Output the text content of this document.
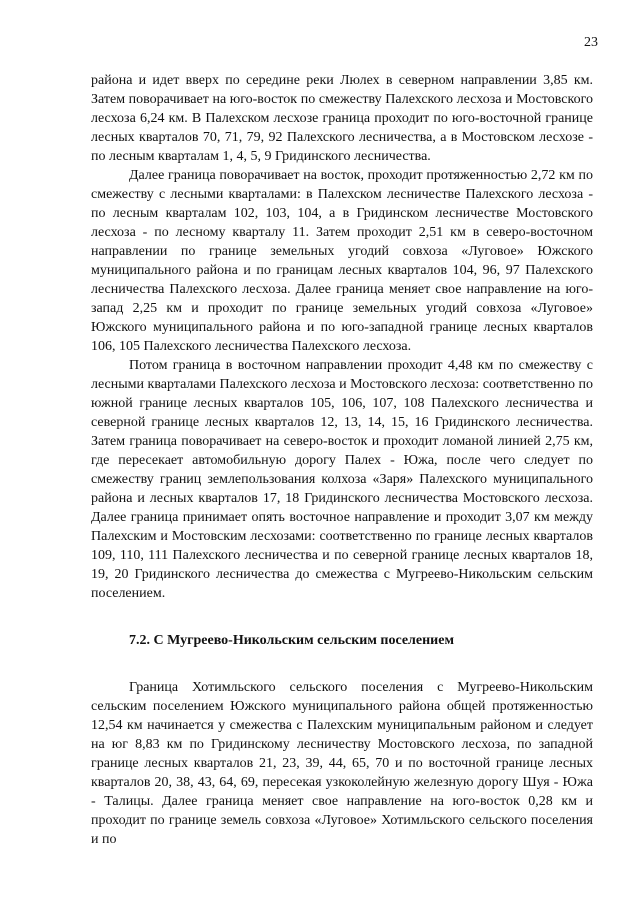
23

района и идет вверх по середине реки Люлех в северном направлении 3,85 км. Затем поворачивает на юго-восток по смежеству Палехского лесхоза и Мостовского лесхоза 6,24 км. В Палехском лесхозе граница проходит по юго-восточной границе лесных кварталов 70, 71, 79, 92 Палехского лесничества, а в Мостовском лесхозе - по лесным кварталам 1, 4, 5, 9 Гридинского лесничества.

Далее граница поворачивает на восток, проходит протяженностью 2,72 км по смежеству с лесными кварталами: в Палехском лесничестве Палехского лесхоза - по лесным кварталам 102, 103, 104, а в Гридинском лесничестве Мостовского лесхоза - по лесному кварталу 11. Затем проходит 2,51 км в северо-восточном направлении по границе земельных угодий совхоза «Луговое» Южского муниципального района и по границам лесных кварталов 104, 96, 97 Палехского лесничества Палехского лесхоза. Далее граница меняет свое направление на юго-запад 2,25 км и проходит по границе земельных угодий совхоза «Луговое» Южского муниципального района и по юго-западной границе лесных кварталов 106, 105 Палехского лесничества Палехского лесхоза.

Потом граница в восточном направлении проходит 4,48 км по смежеству с лесными кварталами Палехского лесхоза и Мостовского лесхоза: соответственно по южной границе лесных кварталов 105, 106, 107, 108 Палехского лесничества и северной границе лесных кварталов 12, 13, 14, 15, 16 Гридинского лесничества. Затем граница поворачивает на северо-восток и проходит ломаной линией 2,75 км, где пересекает автомобильную дорогу Палех - Южа, после чего следует по смежеству границ землепользования колхоза «Заря» Палехского муниципального района и лесных кварталов 17, 18 Гридинского лесничества Мостовского лесхоза. Далее граница принимает опять восточное направление и проходит 3,07 км между Палехским и Мостовским лесхозами: соответственно по границе лесных кварталов 109, 110, 111 Палехского лесничества и по северной границе лесных кварталов 18, 19, 20 Гридинского лесничества до смежества с Мугреево-Никольским сельским поселением.

7.2. С Мугреево-Никольским сельским поселением

Граница Хотимльского сельского поселения с Мугреево-Никольским сельским поселением Южского муниципального района общей протяженностью 12,54 км начинается у смежества с Палехским муниципальным районом и следует на юг 8,83 км по Гридинскому лесничеству Мостовского лесхоза, по западной границе лесных кварталов 21, 23, 39, 44, 65, 70 и по восточной границе лесных кварталов 20, 38, 43, 64, 69, пересекая узкоколейную железную дорогу Шуя - Южа - Талицы. Далее граница меняет свое направление на юго-восток 0,28 км и проходит по границе земель совхоза «Луговое» Хотимльского сельского поселения и по
